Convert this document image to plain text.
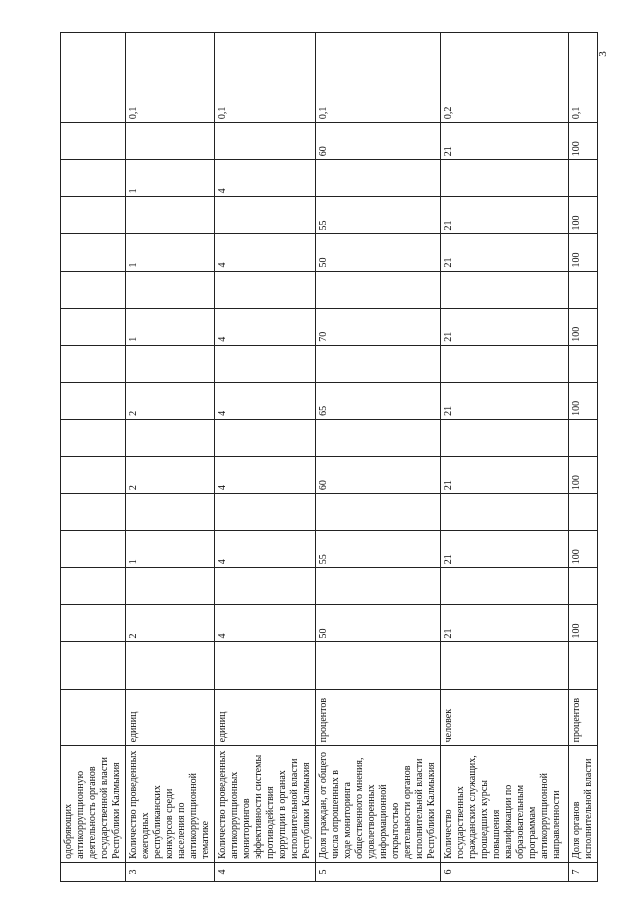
3
	одобряющих антикоррупционную деятельность органов государственной власти Республики Калмыкия																	
3	Количество проведенных ежегодных республиканских конкурсов среди населения по антикоррупционной тематике	единиц		2		1		2		2		1		1		1		0,1
4	Количество проведенных антикоррупционных мониторингов эффективности системы противодействия коррупции в органах исполнительной власти Республики Калмыкия	единиц		4		4		4		4		4		4		4		0,1
5	Доля граждан, от общего числа опрошенных в ходе мониторинга общественного мнения, удовлетворенных информационной открытостью деятельности органов исполнительной власти Республики Калмыкия	процентов		50		55		60		65		70		50	55		60	0,1
6	Количество государственных гражданских служащих, прошедших курсы повышения квалификации по образовательным программам антикоррупционной направленности	человек		21		21		21		21		21		21	21		21	0,2
7	Доля органов исполнительной власти	процентов		100		100		100		100		100		100	100		100	0,1
